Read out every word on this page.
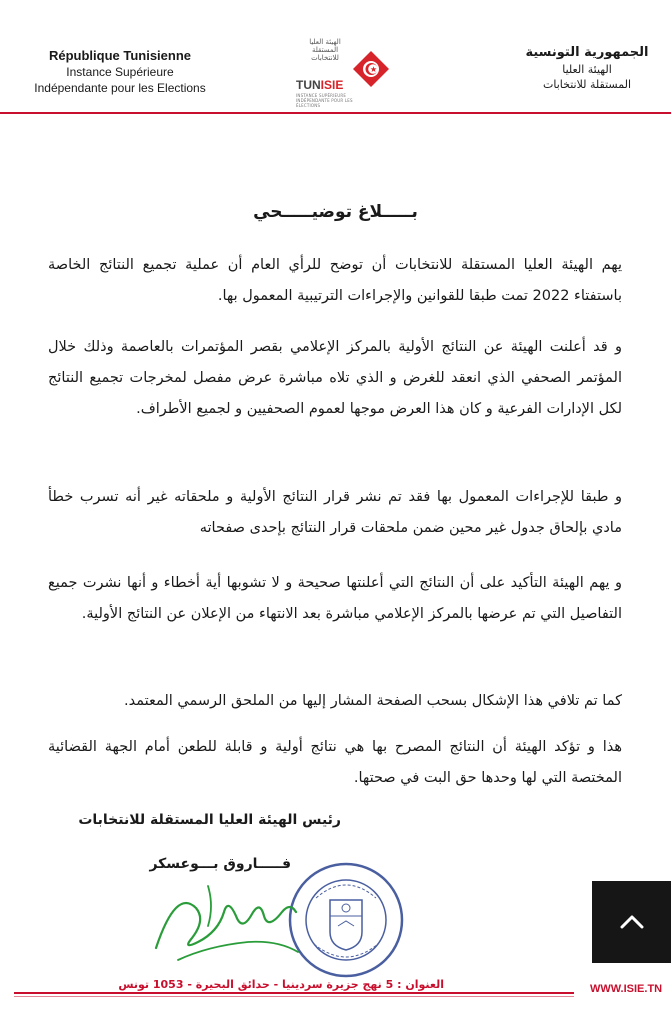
République Tunisienne
Instance Supérieure
Indépendante pour les Elections
الهيئة العليا المستقلة للانتخابات
TUNISIE
INSTANCE SUPÉRIEURE INDÉPENDANTE POUR LES ÉLECTIONS
الجمهورية التونسية
الهيئة العليا
المستقلة للانتخابات
بـــــلاغ توضيـــــحي
يهم الهيئة العليا المستقلة للانتخابات أن توضح للرأي العام أن عملية تجميع النتائج الخاصة باستفتاء 2022 تمت طبقا للقوانين والإجراءات الترتيبية المعمول بها.
و قد أعلنت الهيئة عن النتائج الأولية بالمركز الإعلامي بقصر المؤتمرات بالعاصمة وذلك خلال المؤتمر الصحفي الذي انعقد للغرض و الذي تلاه مباشرة عرض مفصل لمخرجات تجميع النتائج لكل الإدارات الفرعية و كان هذا العرض موجها لعموم الصحفيين و لجميع الأطراف.
و طبقا للإجراءات المعمول بها فقد تم نشر قرار النتائج الأولية و ملحقاته غير أنه تسرب خطأ مادي بإلحاق جدول غير محين ضمن ملحقات قرار النتائج بإحدى صفحاته
و يهم الهيئة التأكيد على أن النتائج التي أعلنتها صحيحة و لا تشوبها أية أخطاء و أنها نشرت جميع التفاصيل التي تم عرضها بالمركز الإعلامي مباشرة بعد الانتهاء من الإعلان عن النتائج الأولية.
كما تم تلافي هذا الإشكال بسحب الصفحة المشار إليها من الملحق الرسمي المعتمد.
هذا و تؤكد الهيئة أن النتائج المصرح بها هي نتائج أولية و قابلة للطعن أمام الجهة القضائية المختصة التي لها وحدها حق البت في صحتها.
رئيس الهيئة العليا المستقلة للانتخابات
فـــــاروق بـــوعسكر
العنوان : 5 نهج جزيرة سردينيا - حدائق البحيرة - 1053 تونس	WWW.ISIE.TN
